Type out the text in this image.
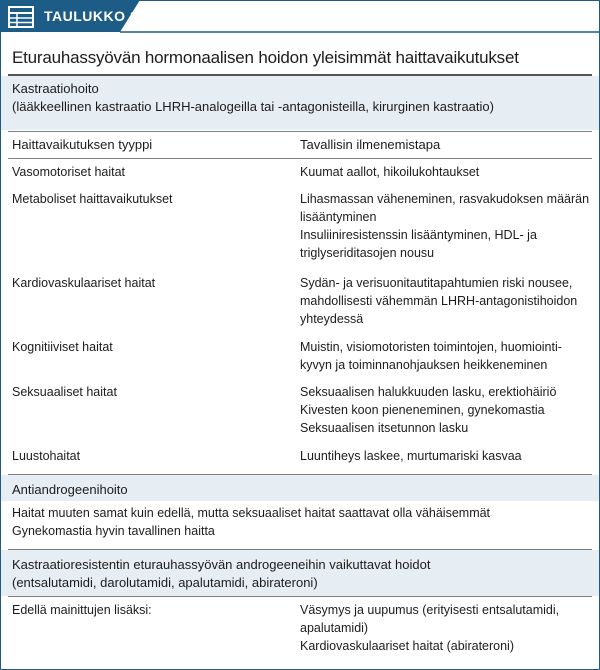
TAULUKKO 1.
Eturauhassyövän hormonaalisen hoidon yleisimmät haittavaikutukset
Kastraatiohoito
(lääkkeellinen kastraatio LHRH-analogeilla tai -antagonisteilla, kirurginen kastraatio)
Haittavaikutuksen tyyppi	Tavallisin ilmenemistapa
Vasomotoriset haitat	Kuumat aallot, hikoilukohtaukset
Metaboliset haittavaikutukset	Lihasmassan väheneminen, rasvakudoksen määrän
lisääntyminen
Insuliiniresistenssin lisääntyminen, HDL- ja
triglyseriditasojen nousu
Kardiovaskulaariset haitat	Sydän- ja verisuonitautitapahtumien riski nousee,
mahdollisesti vähemmän LHRH-antagonistihoidon
yhteydessä
Kognitiiviset haitat	Muistin, visiomotoristen toimintojen, huomiointi-
kyvyn ja toiminnanohjauksen heikkeneminen
Seksuaaliset haitat	Seksuaalisen halukkuuden lasku, erektiohäiriö
Kivesten koon pieneneminen, gynekomastia
Seksuaalisen itsetunnon lasku
Luustohaitat	Luuntiheys laskee, murtumariski kasvaa
Antiandrogeenihoito
Haitat muuten samat kuin edellä, mutta seksuaaliset haitat saattavat olla vähäisemmät
Gynekomastia hyvin tavallinen haitta
Kastraatioresistentin eturauhassyövän androgeeneihin vaikuttavat hoidot
(entsalutamidi, darolutamidi, apalutamidi, abirateroni)
Edellä mainittujen lisäksi:	Väsymys ja uupumus (erityisesti entsalutamidi,
apalutamidi)
Kardiovaskulaariset haitat (abirateroni)
